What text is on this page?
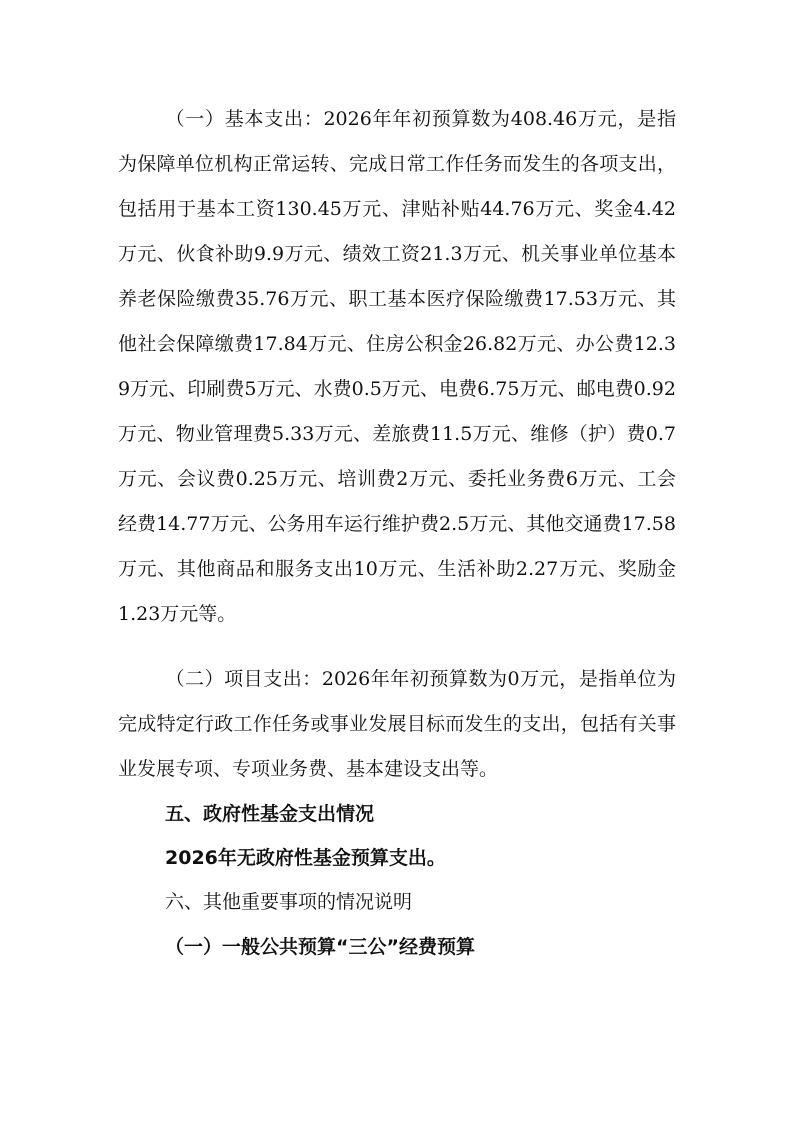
（一）基本支出：2026年年初预算数为408.46万元，是指为保障单位机构正常运转、完成日常工作任务而发生的各项支出，包括用于基本工资130.45万元、津贴补贴44.76万元、奖金4.42万元、伙食补助9.9万元、绩效工资21.3万元、机关事业单位基本养老保险缴费35.76万元、职工基本医疗保险缴费17.53万元、其他社会保障缴费17.84万元、住房公积金26.82万元、办公费12.39万元、印刷费5万元、水费0.5万元、电费6.75万元、邮电费0.92万元、物业管理费5.33万元、差旅费11.5万元、维修（护）费0.7万元、会议费0.25万元、培训费2万元、委托业务费6万元、工会经费14.77万元、公务用车运行维护费2.5万元、其他交通费17.58万元、其他商品和服务支出10万元、生活补助2.27万元、奖励金1.23万元等。

（二）项目支出：2026年年初预算数为0万元，是指单位为完成特定行政工作任务或事业发展目标而发生的支出，包括有关事业发展专项、专项业务费、基本建设支出等。

五、政府性基金支出情况

2026年无政府性基金预算支出。

六、其他重要事项的情况说明

（一）一般公共预算“三公”经费预算
